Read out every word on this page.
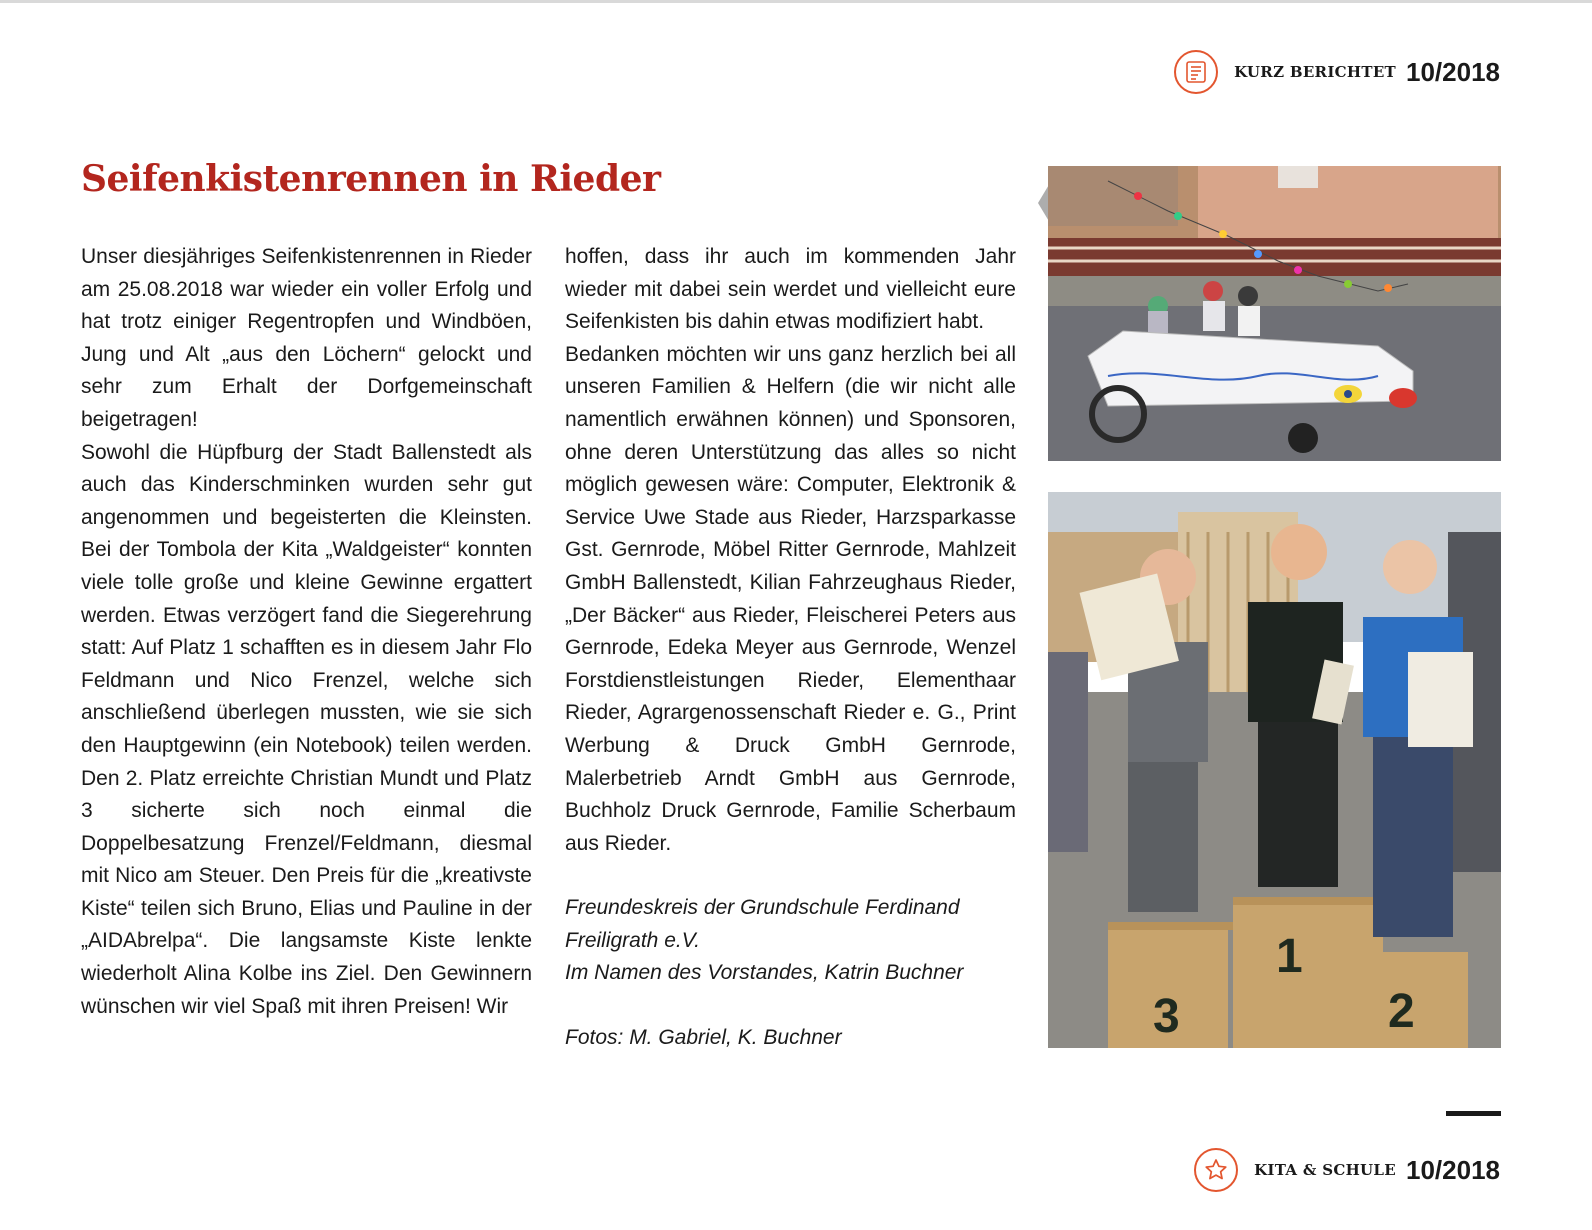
KURZ BERICHTET 10/2018
Seifenkistenrennen in Rieder

Unser diesjähriges Seifenkistenrennen in Rieder am 25.08.2018 war wieder ein voller Erfolg und hat trotz einiger Regentropfen und Windböen, Jung und Alt „aus den Löchern“ gelockt und sehr zum Erhalt der Dorfgemeinschaft beigetragen!

Sowohl die Hüpfburg der Stadt Ballenstedt als auch das Kinderschminken wurden sehr gut angenommen und begeisterten die Kleinsten. Bei der Tombola der Kita „Waldgeister“ konnten viele tolle große und kleine Gewinne ergattert werden. Etwas verzögert fand die Siegerehrung statt: Auf Platz 1 schafften es in diesem Jahr Flo Feldmann und Nico Frenzel, welche sich anschließend überlegen mussten, wie sie sich den Hauptgewinn (ein Notebook) teilen werden. Den 2. Platz erreichte Christian Mundt und Platz 3 sicherte sich noch einmal die Doppelbesatzung Frenzel/Feldmann, diesmal mit Nico am Steuer. Den Preis für die „kreativste Kiste“ teilen sich Bruno, Elias und Pauline in der „AIDAbrelpa“. Die langsamste Kiste lenkte wiederholt Alina Kolbe ins Ziel. Den Gewinnern wünschen wir viel Spaß mit ihren Preisen! Wir

hoffen, dass ihr auch im kommenden Jahr wieder mit dabei sein werdet und vielleicht eure Seifenkisten bis dahin etwas modifiziert habt.

Bedanken möchten wir uns ganz herzlich bei all unseren Familien & Helfern (die wir nicht alle namentlich erwähnen können) und Sponsoren, ohne deren Unterstützung das alles so nicht möglich gewesen wäre: Computer, Elektronik & Service Uwe Stade aus Rieder, Harzsparkasse Gst. Gernrode, Möbel Ritter Gernrode, Mahlzeit GmbH Ballenstedt, Kilian Fahrzeughaus Rieder, „Der Bäcker“ aus Rieder, Fleischerei Peters aus Gernrode, Edeka Meyer aus Gernrode, Wenzel Forstdienstleistungen Rieder, Elementhaar Rieder, Agrargenossenschaft Rieder e. G., Print Werbung & Druck GmbH Gernrode, Malerbetrieb Arndt GmbH aus Gernrode, Buchholz Druck Gernrode, Familie Scherbaum aus Rieder.

Freundeskreis der Grundschule Ferdinand
Freiligrath e.V.
Im Namen des Vorstandes, Katrin Buchner
Fotos: M. Gabriel, K. Buchner
1
2
3
KITA & SCHULE 10/2018
